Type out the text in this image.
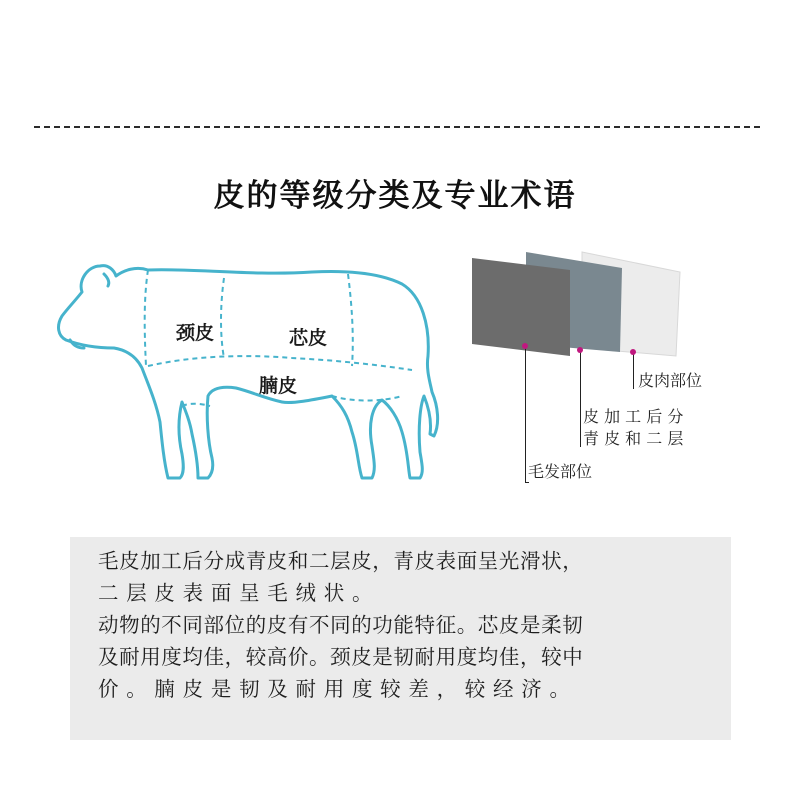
皮的等级分类及专业术语
颈皮	芯皮
腩皮
毛发部位
皮 加 工 后 分
青 皮 和 二 层
皮肉部位

毛皮加工后分成青皮和二层皮，青皮表面呈光滑状，

二 层 皮 表 面 呈 毛 绒 状 。

动物的不同部位的皮有不同的功能特征。芯皮是柔韧

及耐用度均佳，较高价。颈皮是韧耐用度均佳，较中

价 。 腩 皮 是 韧 及 耐 用 度 较 差 ， 较 经 济 。
